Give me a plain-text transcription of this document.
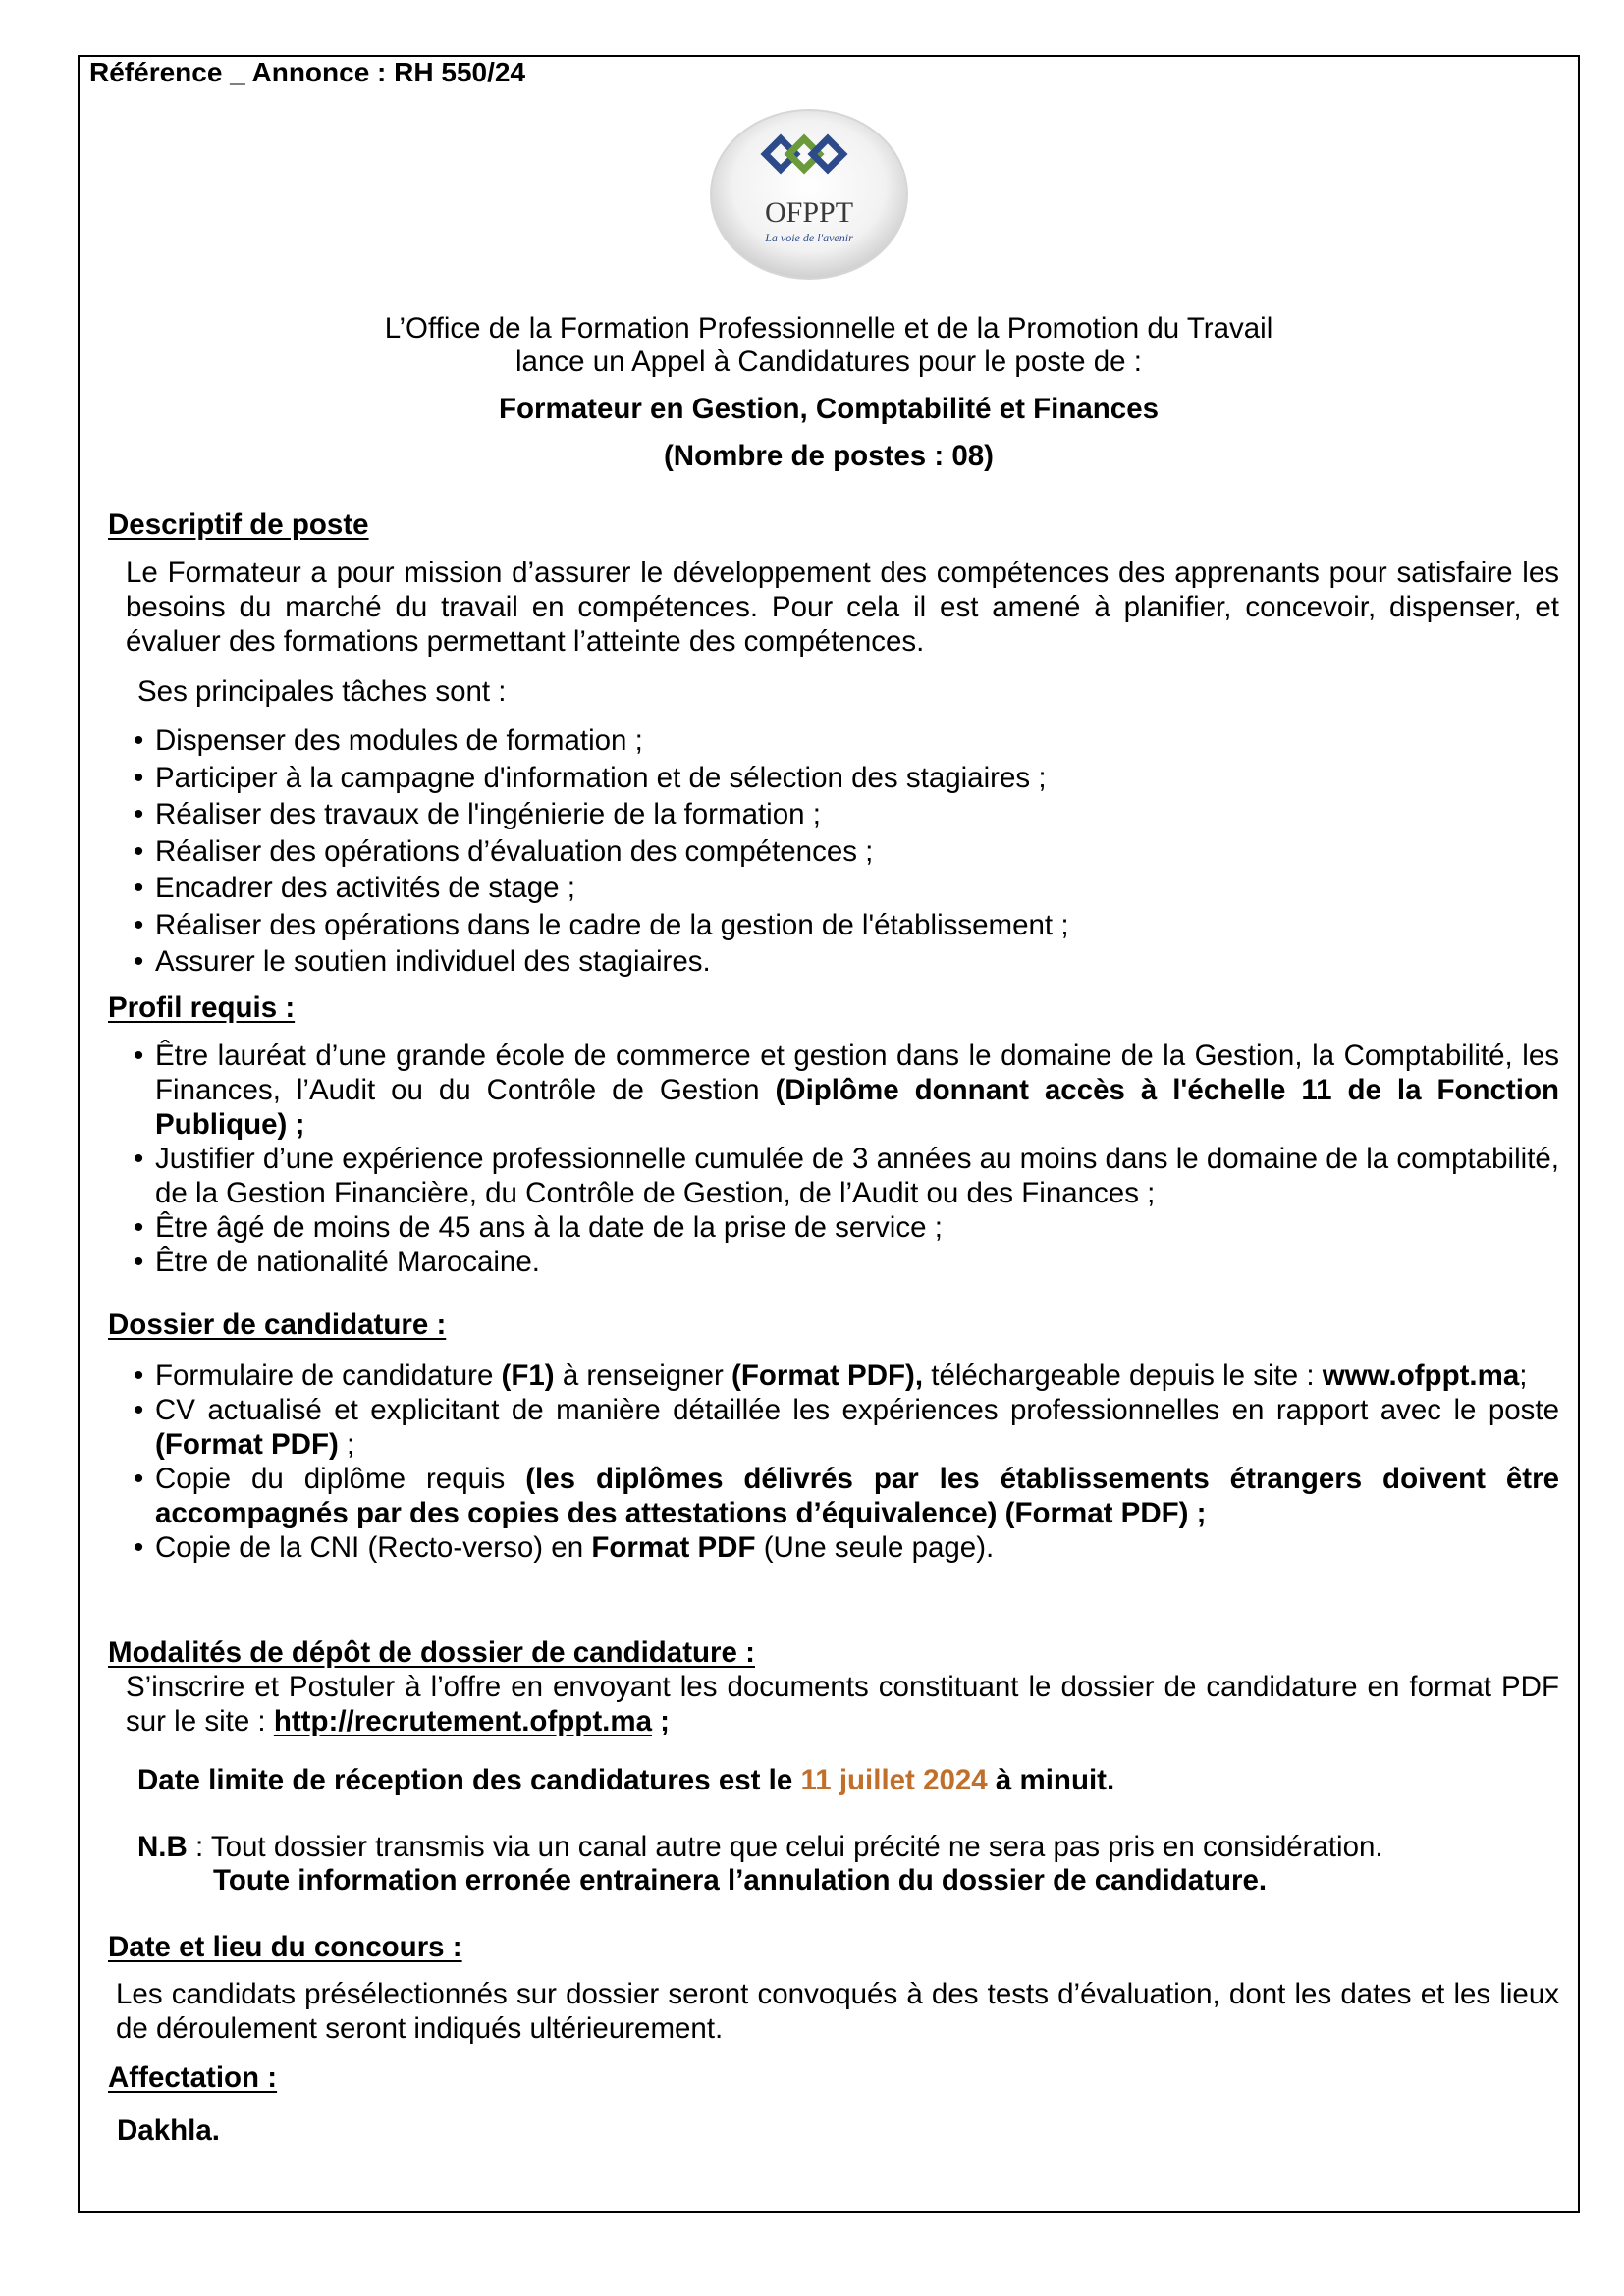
Référence _ Annonce : RH 550/24
OFPPT
La voie de l'avenir
L’Office de la Formation Professionnelle et de la Promotion du Travail
lance un Appel à Candidatures pour le poste de :
Formateur en Gestion, Comptabilité et Finances
(Nombre de postes : 08)
Descriptif de poste
Le Formateur a pour mission d’assurer le développement des compétences des apprenants pour satisfaire les besoins du marché du travail en compétences. Pour cela il est amené à planifier, concevoir, dispenser, et évaluer des formations permettant l’atteinte des compétences.
Ses principales tâches sont :
• Dispenser des modules de formation ;
• Participer à la campagne d'information et de sélection des stagiaires ;
• Réaliser des travaux de l'ingénierie de la formation ;
• Réaliser des opérations d’évaluation des compétences ;
• Encadrer des activités de stage ;
• Réaliser des opérations dans le cadre de la gestion de l'établissement ;
• Assurer le soutien individuel des stagiaires.
Profil requis :
• Être lauréat d’une grande école de commerce et gestion dans le domaine de la Gestion, la Comptabilité, les Finances, l’Audit ou du Contrôle de Gestion (Diplôme donnant accès à l'échelle 11 de la Fonction Publique) ;
• Justifier d’une expérience professionnelle cumulée de 3 années au moins dans le domaine de la comptabilité, de la Gestion Financière, du Contrôle de Gestion, de l’Audit ou des Finances ;
• Être âgé de moins de 45 ans à la date de la prise de service ;
• Être de nationalité Marocaine.
Dossier de candidature :
• Formulaire de candidature (F1) à renseigner (Format PDF), téléchargeable depuis le site : www.ofppt.ma;
• CV actualisé et explicitant de manière détaillée les expériences professionnelles en rapport avec le poste (Format PDF) ;
• Copie du diplôme requis (les diplômes délivrés par les établissements étrangers doivent être accompagnés par des copies des attestations d’équivalence) (Format PDF) ;
• Copie de la CNI (Recto-verso) en Format PDF (Une seule page).
Modalités de dépôt de dossier de candidature :
S’inscrire et Postuler à l’offre en envoyant les documents constituant le dossier de candidature en format PDF sur le site : http://recrutement.ofppt.ma ;
Date limite de réception des candidatures est le 11 juillet 2024 à minuit.
N.B : Tout dossier transmis via un canal autre que celui précité ne sera pas pris en considération.
Toute information erronée entrainera l’annulation du dossier de candidature.
Date et lieu du concours :
Les candidats présélectionnés sur dossier seront convoqués à des tests d’évaluation, dont les dates et les lieux de déroulement seront indiqués ultérieurement.
Affectation :
Dakhla.
